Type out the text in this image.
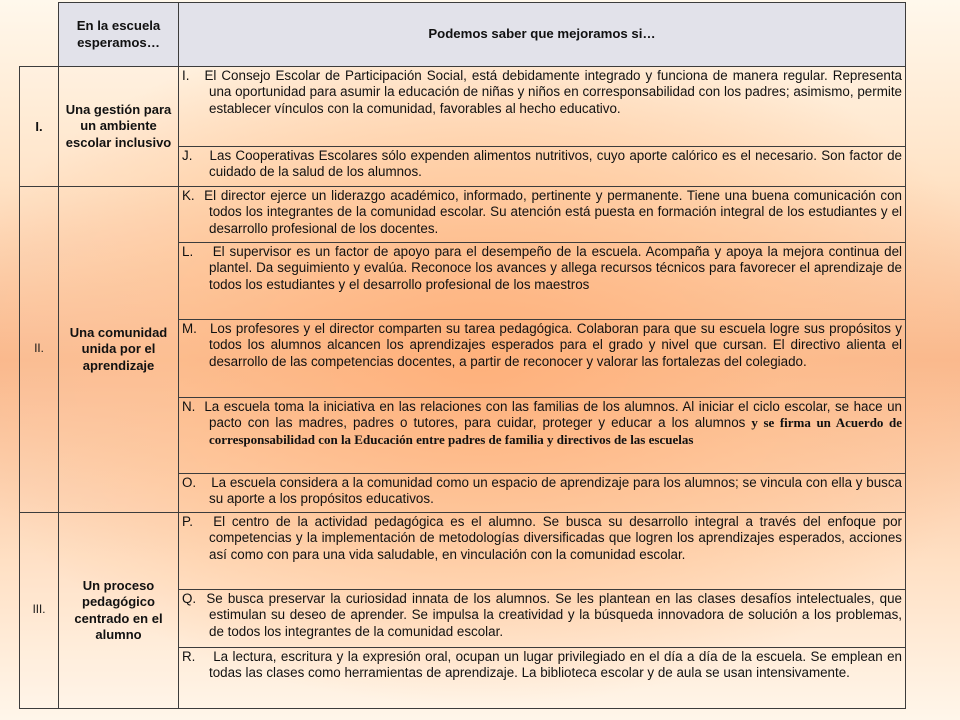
	En la escuela esperamos…	Podemos saber que mejoramos si…
I.	Una gestión para un ambiente escolar inclusivo	I. El Consejo Escolar de Participación Social, está debidamente integrado y funciona de manera regular. Representa una oportunidad para asumir la educación de niñas y niños en corresponsabilidad con los padres; asimismo, permite establecer vínculos con la comunidad, favorables al hecho educativo.

		J. Las Cooperativas Escolares sólo expenden alimentos nutritivos, cuyo aporte calórico es el necesario. Son factor de cuidado de la salud de los alumnos.

II.	Una comunidad unida por el aprendizaje	K. El director ejerce un liderazgo académico, informado, pertinente y permanente. Tiene una buena comunicación con todos los integrantes de la comunidad escolar. Su atención está puesta en formación integral de los estudiantes y el desarrollo profesional de los docentes.

		L. El supervisor es un factor de apoyo para el desempeño de la escuela. Acompaña y apoya la mejora continua del plantel. Da seguimiento y evalúa. Reconoce los avances y allega recursos técnicos para favorecer el aprendizaje de todos los estudiantes y el desarrollo profesional de los maestros

		M. Los profesores y el director comparten su tarea pedagógica. Colaboran para que su escuela logre sus propósitos y todos los alumnos alcancen los aprendizajes esperados para el grado y nivel que cursan. El directivo alienta el desarrollo de las competencias docentes, a partir de reconocer y valorar las fortalezas del colegiado.

		N. La escuela toma la iniciativa en las relaciones con las familias de los alumnos. Al iniciar el ciclo escolar, se hace un pacto con las madres, padres o tutores, para cuidar, proteger y educar a los alumnos y se firma un Acuerdo de corresponsabilidad con la Educación entre padres de familia y directivos de las escuelas

		O. La escuela considera a la comunidad como un espacio de aprendizaje para los alumnos; se vincula con ella y busca su aporte a los propósitos educativos.

III.	Un proceso pedagógico centrado en el alumno	P. El centro de la actividad pedagógica es el alumno. Se busca su desarrollo integral a través del enfoque por competencias y la implementación de metodologías diversificadas que logren los aprendizajes esperados, acciones así como con para una vida saludable, en vinculación con la comunidad escolar.

		Q. Se busca preservar la curiosidad innata de los alumnos. Se les plantean en las clases desafíos intelectuales, que estimulan su deseo de aprender. Se impulsa la creatividad y la búsqueda innovadora de solución a los problemas, de todos los integrantes de la comunidad escolar.

		R. La lectura, escritura y la expresión oral, ocupan un lugar privilegiado en el día a día de la escuela. Se emplean en todas las clases como herramientas de aprendizaje. La biblioteca escolar y de aula se usan intensivamente.
